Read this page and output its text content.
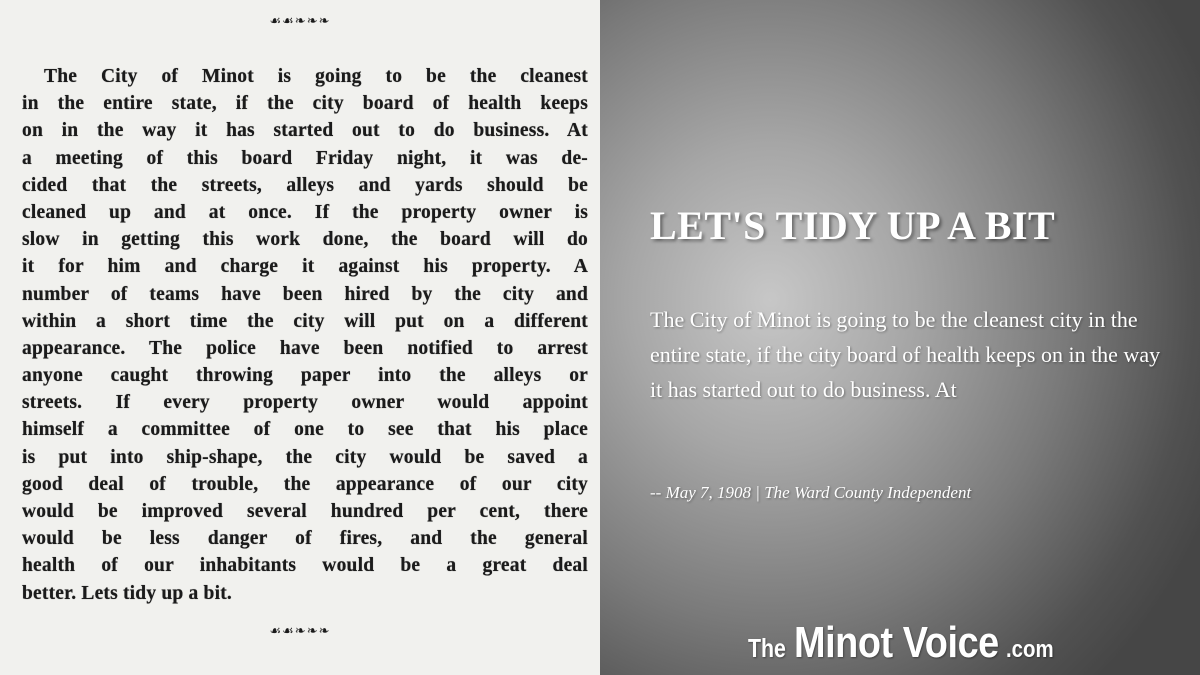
☙☙❧❧❧
The City of Minot is going to be the cleanest
in the entire state, if the city board of health keeps
on in the way it has started out to do business. At
a meeting of this board Friday night, it was de-
cided that the streets, alleys and yards should be
cleaned up and at once. If the property owner is
slow in getting this work done, the board will do
it for him and charge it against his property. A
number of teams have been hired by the city and
within a short time the city will put on a different
appearance. The police have been notified to arrest
anyone caught throwing paper into the alleys or
streets. If every property owner would appoint
himself a committee of one to see that his place
is put into ship-shape, the city would be saved a
good deal of trouble, the appearance of our city
would be improved several hundred per cent, there
would be less danger of fires, and the general
health of our inhabitants would be a great deal
better. Lets tidy up a bit.
☙☙❧❧❧
LET'S TIDY UP A BIT

The City of Minot is going to be the cleanest city in the entire state, if the city board of health keeps on in the way it has started out to do business. At

-- May 7, 1908 | The Ward County Independent

The Minot Voice .com
